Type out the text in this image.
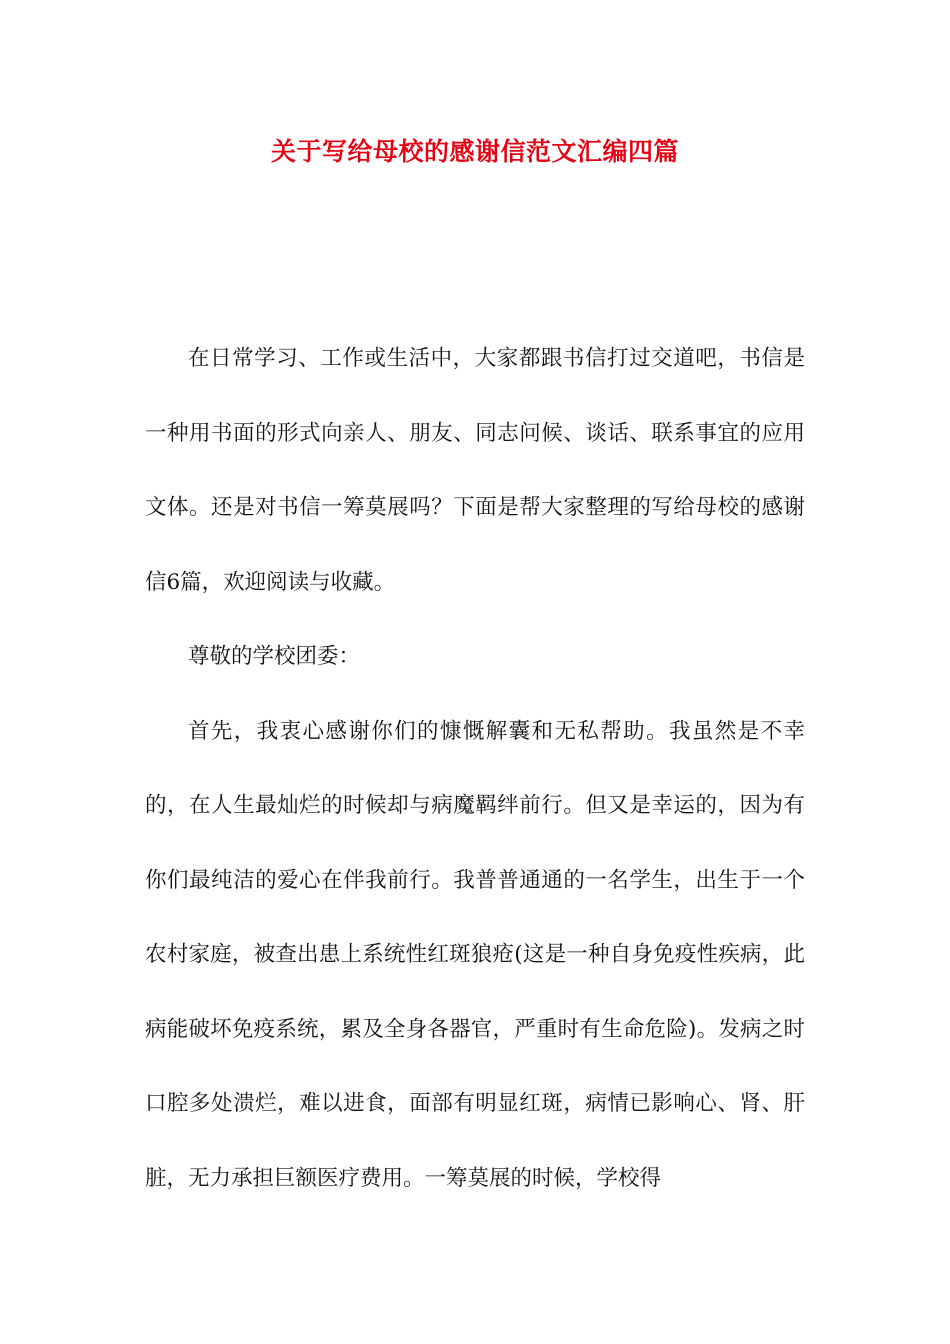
关于写给母校的感谢信范文汇编四篇

在日常学习、工作或生活中，大家都跟书信打过交道吧，书信是一种用书面的形式向亲人、朋友、同志问候、谈话、联系事宜的应用文体。还是对书信一筹莫展吗？下面是帮大家整理的写给母校的感谢信6篇，欢迎阅读与收藏。

尊敬的学校团委：

首先，我衷心感谢你们的慷慨解囊和无私帮助。我虽然是不幸的，在人生最灿烂的时候却与病魔羁绊前行。但又是幸运的，因为有你们最纯洁的爱心在伴我前行。我普普通通的一名学生，出生于一个农村家庭，被查出患上系统性红斑狼疮(这是一种自身免疫性疾病，此病能破坏免疫系统，累及全身各器官，严重时有生命危险)。发病之时口腔多处溃烂，难以进食，面部有明显红斑，病情已影响心、肾、肝脏，无力承担巨额医疗费用。一筹莫展的时候，学校得
